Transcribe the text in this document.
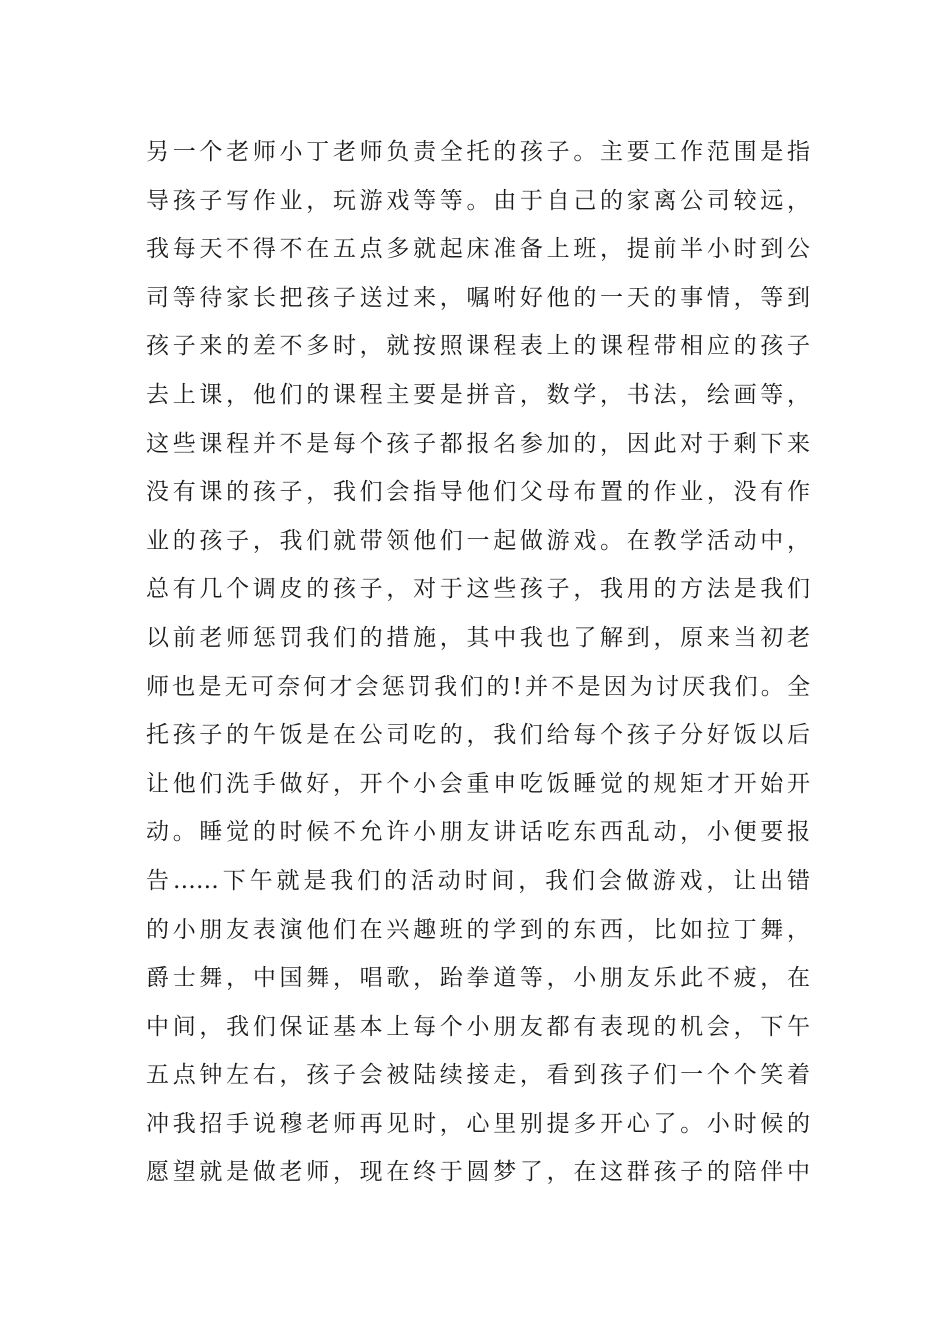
另一个老师小丁老师负责全托的孩子。主要工作范围是指
导孩子写作业，玩游戏等等。由于自己的家离公司较远，
我每天不得不在五点多就起床准备上班，提前半小时到公
司等待家长把孩子送过来，嘱咐好他的一天的事情，等到
孩子来的差不多时，就按照课程表上的课程带相应的孩子
去上课，他们的课程主要是拼音，数学，书法，绘画等，
这些课程并不是每个孩子都报名参加的，因此对于剩下来
没有课的孩子，我们会指导他们父母布置的作业，没有作
业的孩子，我们就带领他们一起做游戏。在教学活动中，
总有几个调皮的孩子，对于这些孩子，我用的方法是我们
以前老师惩罚我们的措施，其中我也了解到，原来当初老
师也是无可奈何才会惩罚我们的!并不是因为讨厌我们。全
托孩子的午饭是在公司吃的，我们给每个孩子分好饭以后
让他们洗手做好，开个小会重申吃饭睡觉的规矩才开始开
动。睡觉的时候不允许小朋友讲话吃东西乱动，小便要报
告……下午就是我们的活动时间，我们会做游戏，让出错
的小朋友表演他们在兴趣班的学到的东西，比如拉丁舞，
爵士舞，中国舞，唱歌，跆拳道等，小朋友乐此不疲，在
中间，我们保证基本上每个小朋友都有表现的机会，下午
五点钟左右，孩子会被陆续接走，看到孩子们一个个笑着
冲我招手说穆老师再见时，心里别提多开心了。小时候的
愿望就是做老师，现在终于圆梦了，在这群孩子的陪伴中
